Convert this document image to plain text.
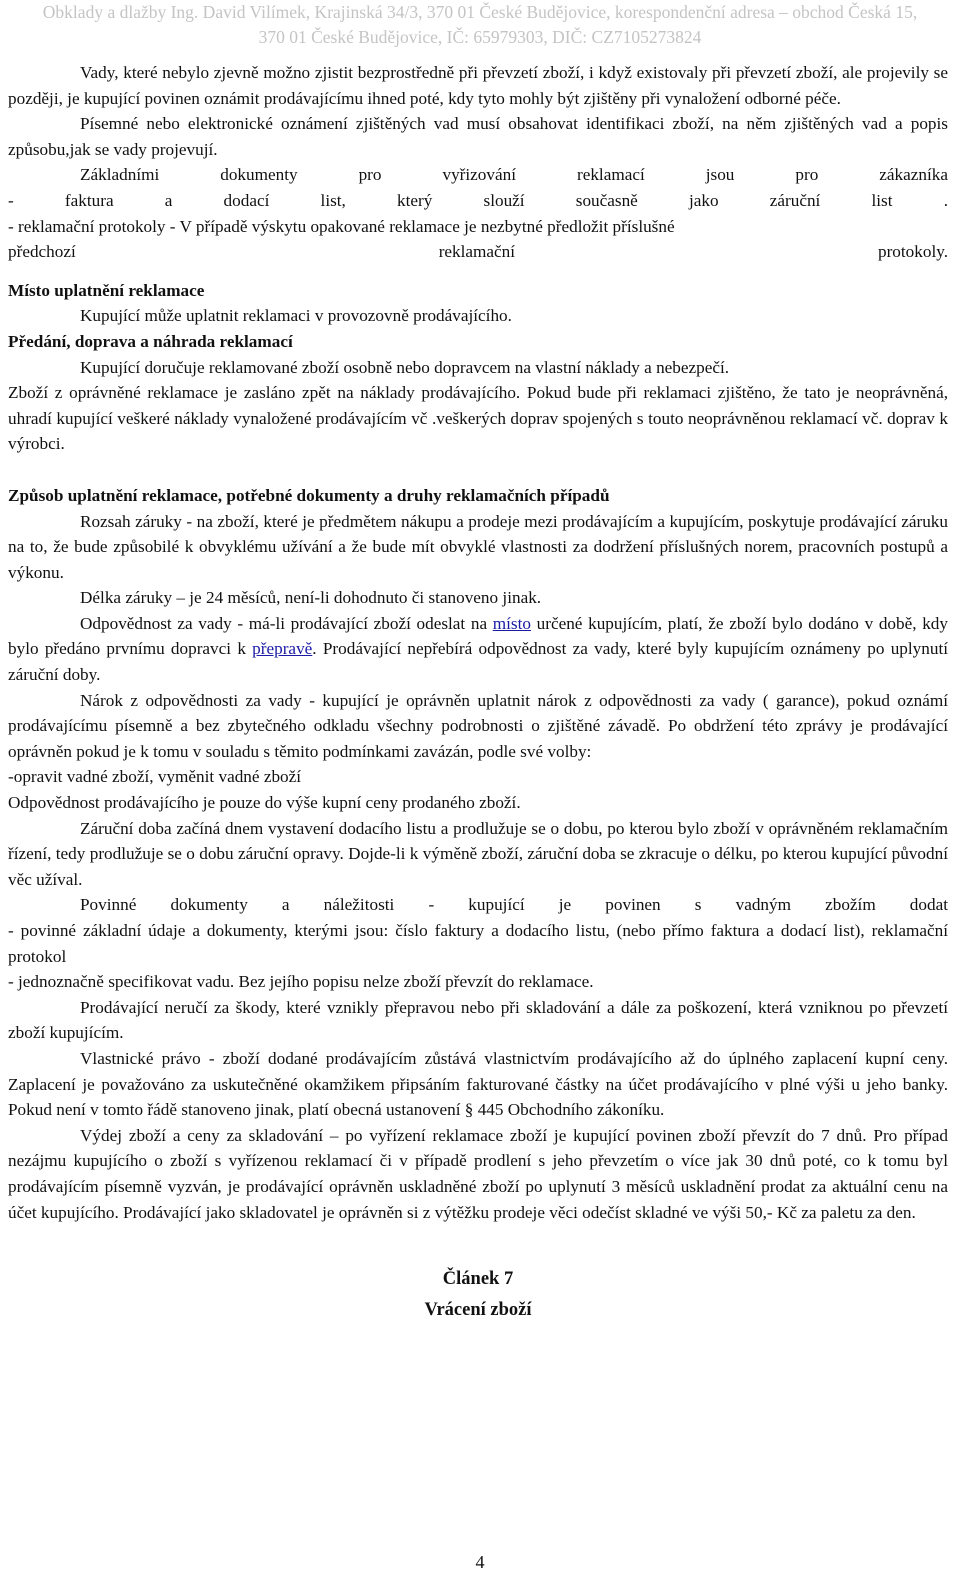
Obklady a dlažby Ing. David Vilímek, Krajinská 34/3, 370 01 České Budějovice, korespondenční adresa – obchod Česká 15,
370 01 České Budějovice, IČ: 65979303, DIČ: CZ7105273824

Vady, které nebylo zjevně možno zjistit bezprostředně při převzetí zboží, i když existovaly při převzetí zboží, ale projevily se později, je kupující povinen oznámit prodávajícímu ihned poté, kdy tyto mohly být zjištěny při vynaložení odborné péče.

Písemné nebo elektronické oznámení zjištěných vad musí obsahovat identifikaci zboží, na něm zjištěných vad a popis způsobu,jak se vady projevují.

Základními dokumenty pro vyřizování reklamací jsou pro zákazníka

- faktura a dodací list, který slouží současně jako záruční list .

- reklamační protokoly - V případě výskytu opakované reklamace je nezbytné předložit příslušné

předchozí reklamační protokoly.

Místo uplatnění reklamace

Kupující může uplatnit reklamaci v provozovně prodávajícího.

Předání, doprava a náhrada reklamací

Kupující doručuje reklamované zboží osobně nebo dopravcem na vlastní náklady a nebezpečí.

Zboží z oprávněné reklamace je zasláno zpět na náklady prodávajícího. Pokud bude při reklamaci zjištěno, že tato je neoprávněná, uhradí kupující veškeré náklady vynaložené prodávajícím vč .veškerých doprav spojených s touto neoprávněnou reklamací vč. doprav k výrobci.

Způsob uplatnění reklamace, potřebné dokumenty a druhy reklamačních případů

Rozsah záruky - na zboží, které je předmětem nákupu a prodeje mezi prodávajícím a kupujícím, poskytuje prodávající záruku na to, že bude způsobilé k obvyklému užívání a že bude mít obvyklé vlastnosti za dodržení příslušných norem, pracovních postupů a výkonu.

Délka záruky – je 24 měsíců, není-li dohodnuto či stanoveno jinak.

Odpovědnost za vady - má-li prodávající zboží odeslat na místo určené kupujícím, platí, že zboží bylo dodáno v době, kdy bylo předáno prvnímu dopravci k přepravě. Prodávající nepřebírá odpovědnost za vady, které byly kupujícím oznámeny po uplynutí záruční doby.

Nárok z odpovědnosti za vady - kupující je oprávněn uplatnit nárok z odpovědnosti za vady ( garance), pokud oznámí prodávajícímu písemně a bez zbytečného odkladu všechny podrobnosti o zjištěné závadě. Po obdržení této zprávy je prodávající oprávněn pokud je k tomu v souladu s těmito podmínkami zavázán, podle své volby:

-opravit vadné zboží, vyměnit vadné zboží

Odpovědnost prodávajícího je pouze do výše kupní ceny prodaného zboží.

Záruční doba začíná dnem vystavení dodacího listu a prodlužuje se o dobu, po kterou bylo zboží v oprávněném reklamačním řízení, tedy prodlužuje se o dobu záruční opravy. Dojde-li k výměně zboží, záruční doba se zkracuje o délku, po kterou kupující původní věc užíval.

Povinné dokumenty a náležitosti - kupující je povinen s vadným zbožím dodat

- povinné základní údaje a dokumenty, kterými jsou: číslo faktury a dodacího listu, (nebo přímo faktura a dodací list), reklamační protokol

- jednoznačně specifikovat vadu. Bez jejího popisu nelze zboží převzít do reklamace.

Prodávající neručí za škody, které vznikly přepravou nebo při skladování a dále za poškození, která vzniknou po převzetí zboží kupujícím.

Vlastnické právo - zboží dodané prodávajícím zůstává vlastnictvím prodávajícího až do úplného zaplacení kupní ceny. Zaplacení je považováno za uskutečněné okamžikem připsáním fakturované částky na účet prodávajícího v plné výši u jeho banky. Pokud není v tomto řádě stanoveno jinak, platí obecná ustanovení § 445 Obchodního zákoníku.

Výdej zboží a ceny za skladování – po vyřízení reklamace zboží je kupující povinen zboží převzít do 7 dnů. Pro případ nezájmu kupujícího o zboží s vyřízenou reklamací či v případě prodlení s jeho převzetím o více jak 30 dnů poté, co k tomu byl prodávajícím písemně vyzván, je prodávající oprávněn uskladněné zboží po uplynutí 3 měsíců uskladnění prodat za aktuální cenu na účet kupujícího. Prodávající jako skladovatel je oprávněn si z výtěžku prodeje věci odečíst skladné ve výši 50,- Kč za paletu za den.

Článek 7
Vrácení zboží
4
